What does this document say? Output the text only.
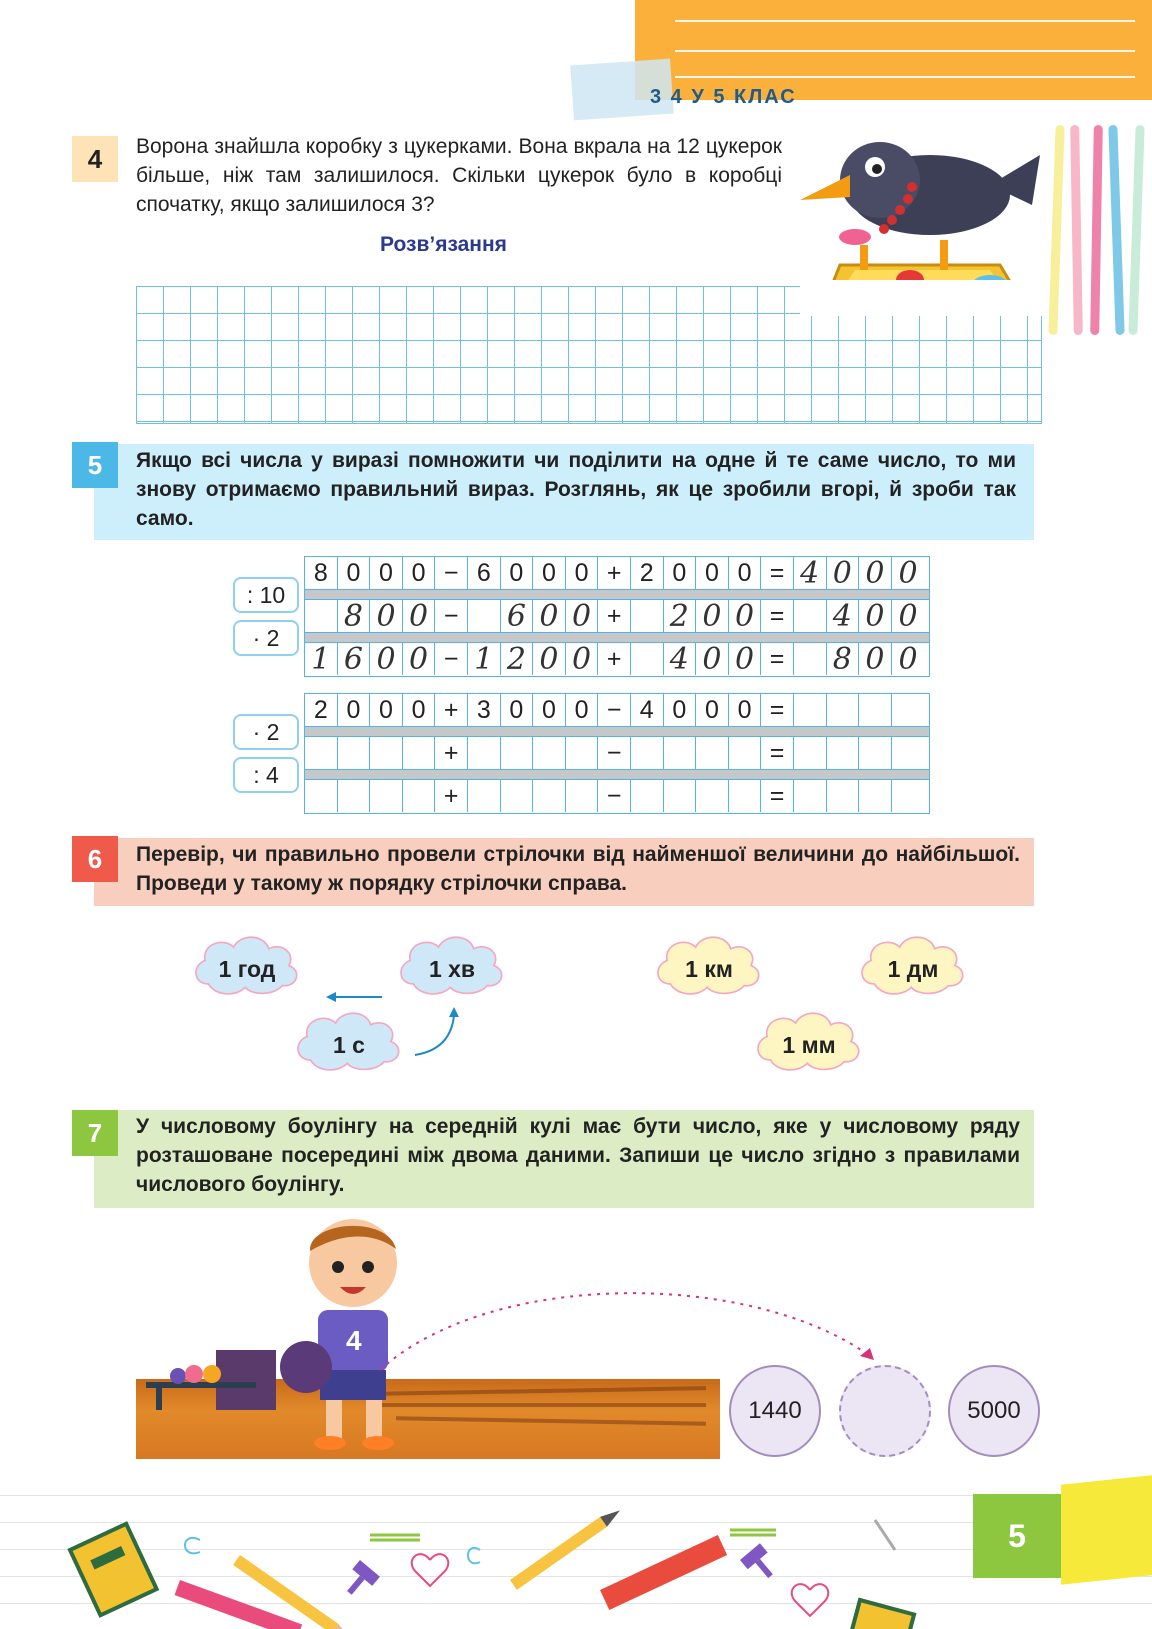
3 4 У 5 КЛАС
4	Ворона знайшла коробку з цукерками. Вона вкрала на 12 цукерок більше, ніж там залишилося. Скільки цукерок було в коробці спочатку, якщо залишилося 3?
Розв’язання
5	Якщо всі числа у виразі помножити чи поділити на одне й те саме число, то ми знову отримаємо правильний вираз. Розглянь, як це зробили вгорі, й зроби так само.
: 10
· 2
8 0 0 0 − 6 0 0 0 + 2 0 0 0 = 4 0 0 0
8 0 0 −	6 0 0 +	2 0 0 =	4 0 0
1 6 0 0 − 1 2 0 0 +	4 0 0 =	8 0 0
· 2
: 4
2 0 0 0 + 3 0 0 0 − 4 0 0 0 =
+	−	=
+	−	=
6	Перевір, чи правильно провели стрілочки від найменшої величини до найбільшої. Проведи у такому ж порядку стрілочки справа.
1 год	1 хв
1 с
1 км	1 дм
1 мм
7	У числовому боулінгу на середній кулі має бути число, яке у числовому ряду розташоване посередині між двома даними. Запиши це число згідно з правилами числового боулінгу.
4
1440	5000
5
